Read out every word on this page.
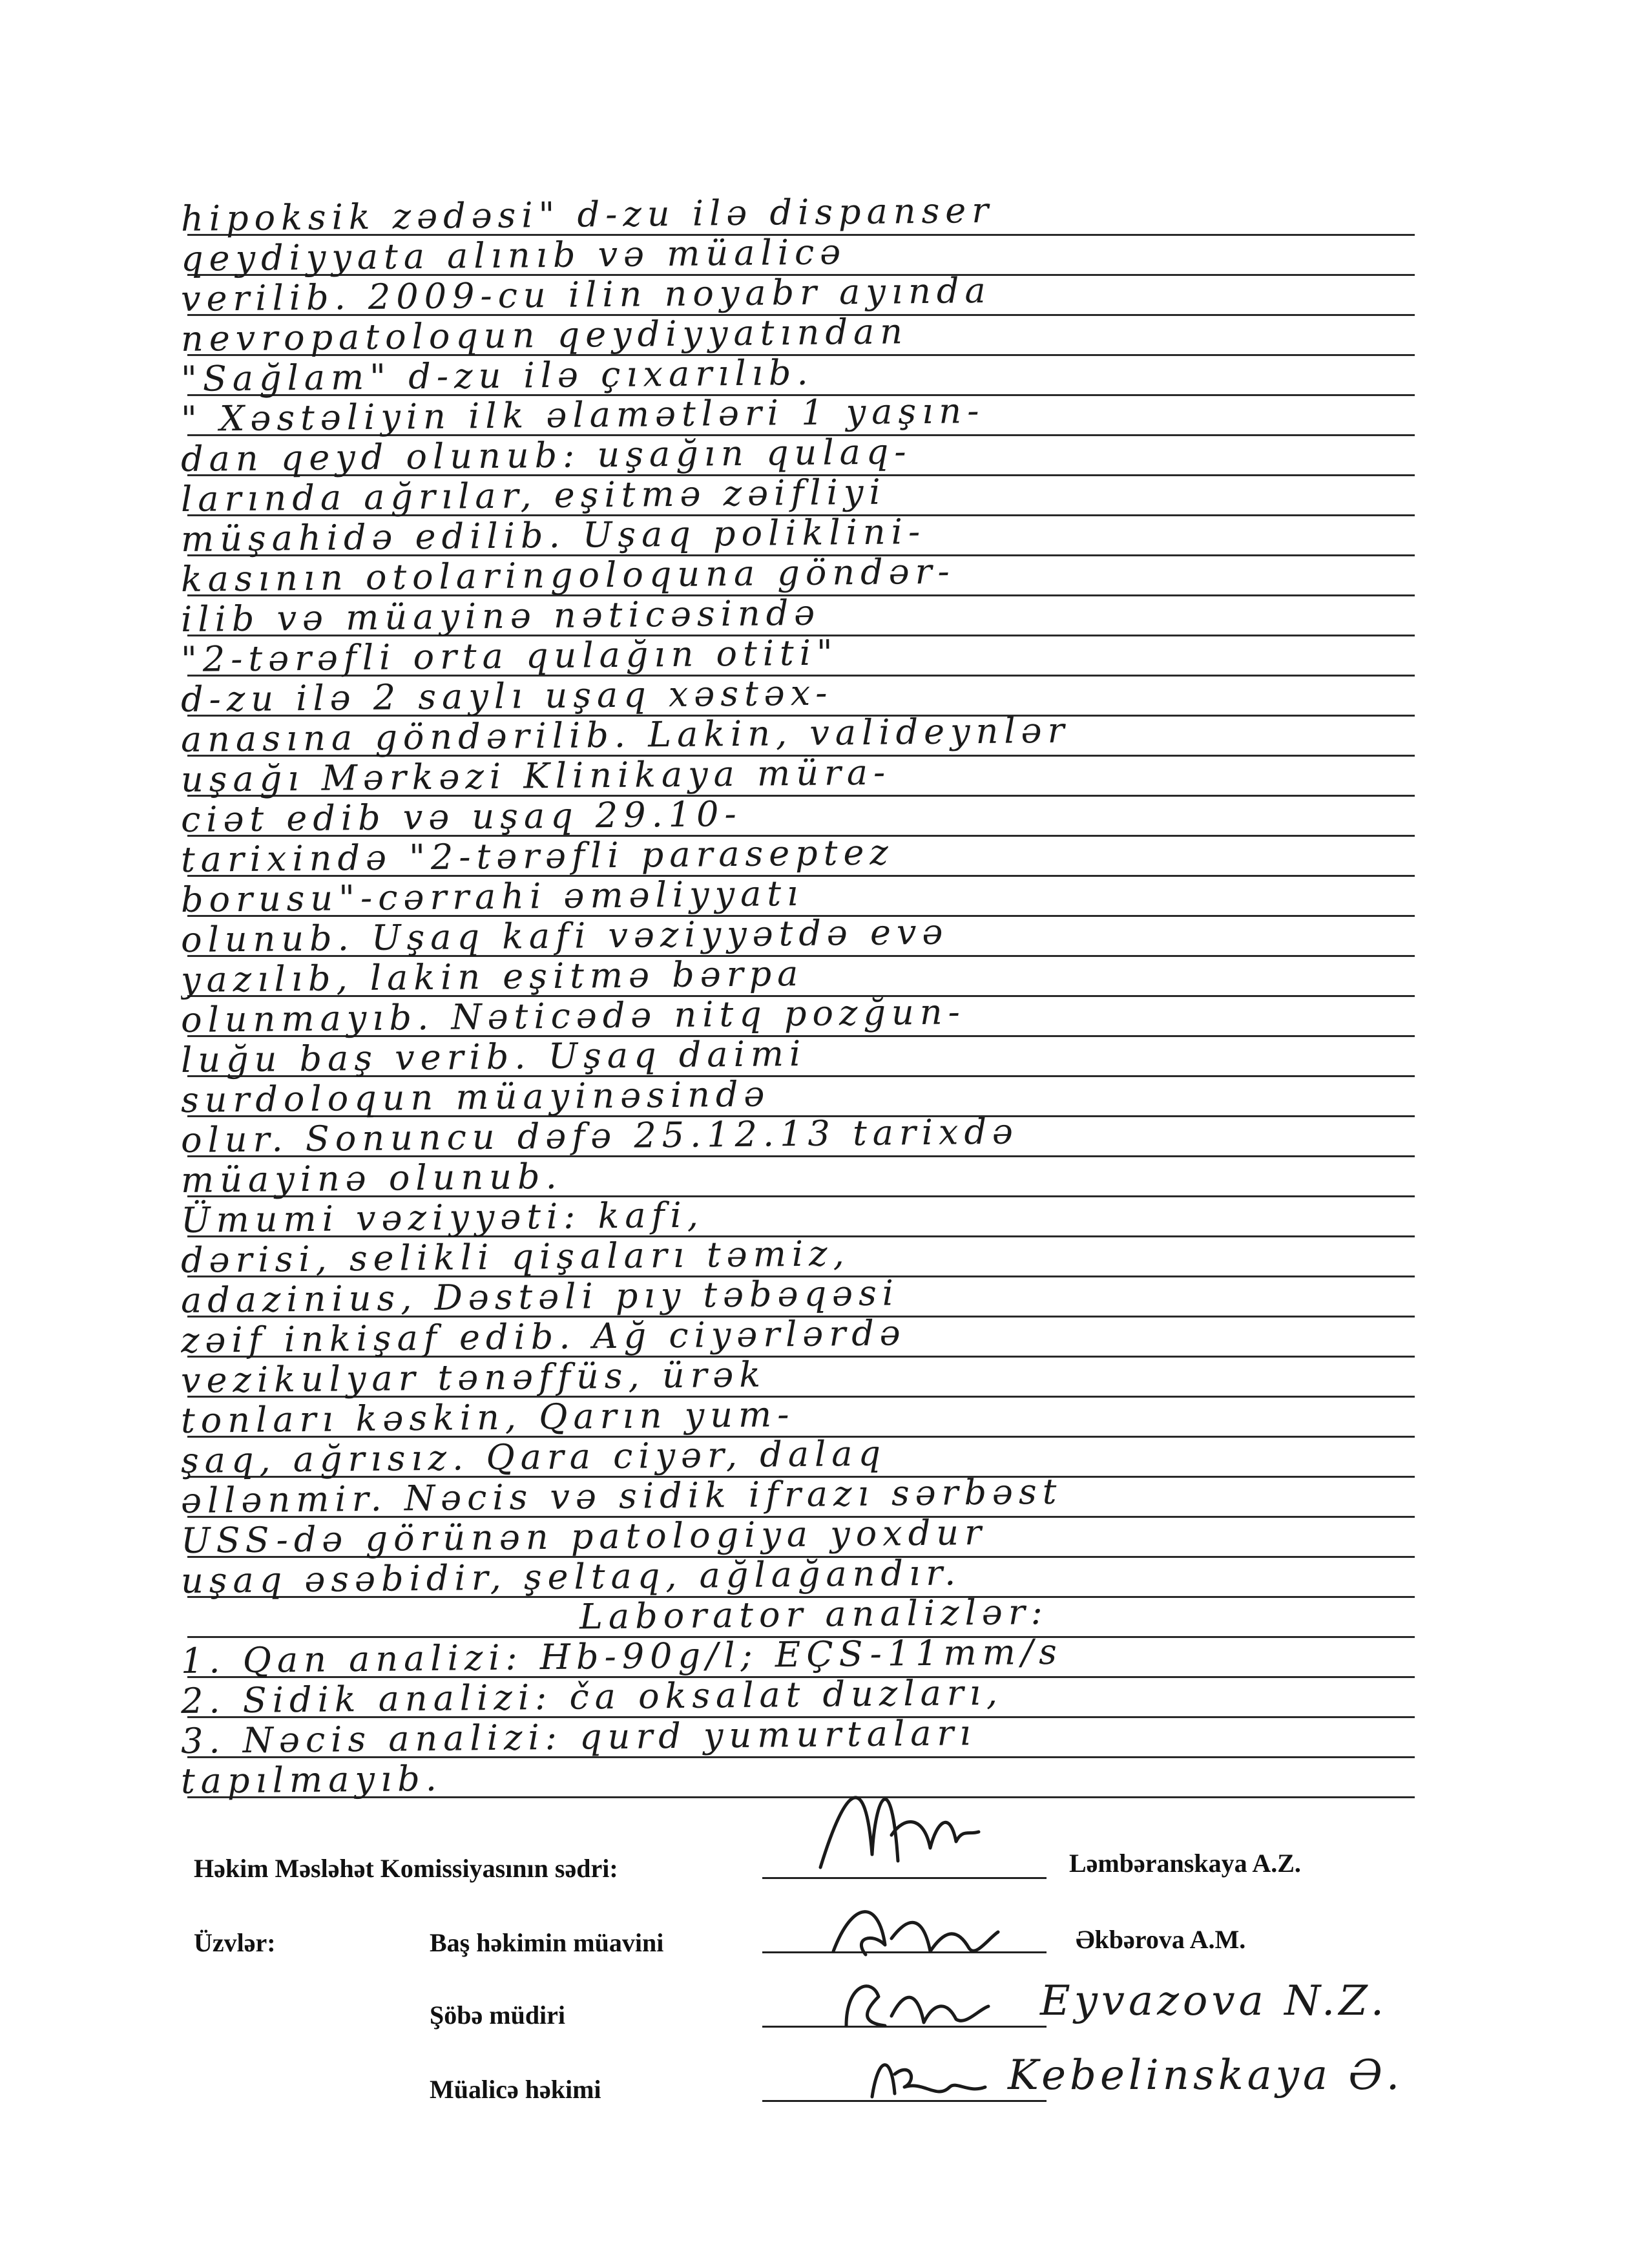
hipoksik zədəsi" d-zu ilə dispanser
qeydiyyata alınıb və müalicə
verilib. 2009-cu ilin noyabr ayında
nevropatoloqun qeydiyyatından
"Sağlam" d-zu ilə çıxarılıb.
" Xəstəliyin ilk əlamətləri 1 yaşın-
dan qeyd olunub: uşağın qulaq-
larında ağrılar, eşitmə zəifliyi
müşahidə edilib. Uşaq poliklini-
kasının otolaringoloquna göndər-
ilib və müayinə nəticəsində
"2-tərəfli orta qulağın otiti"
d-zu ilə 2 saylı uşaq xəstəx-
anasına göndərilib. Lakin, valideynlər
uşağı Mərkəzi Klinikaya müra-
ciət edib və uşaq 29.10-
tarixində "2-tərəfli paraseptez
borusu"-cərrahi əməliyyatı
olunub. Uşaq kafi vəziyyətdə evə
yazılıb, lakin eşitmə bərpa
olunmayıb. Nəticədə nitq pozğun-
luğu baş verib. Uşaq daimi
surdoloqun müayinəsində
olur. Sonuncu dəfə 25.12.13 tarixdə
müayinə olunub.
Ümumi vəziyyəti: kafi,
dərisi, selikli qişaları təmiz,
adazinius, Dəstəli pıy təbəqəsi
zəif inkişaf edib. Ağ ciyərlərdə
vezikulyar tənəffüs, ürək
tonları kəskin, Qarın yum-
şaq, ağrısız. Qara ciyər, dalaq
əllənmir. Nəcis və sidik ifrazı sərbəst
USS-də görünən patologiya yoxdur
uşaq əsəbidir, şeltaq, ağlağandır.
Laborator analizlər:
1. Qan analizi: Hb-90g/l; EÇS-11mm/s
2. Sidik analizi: ča oksalat duzları,
3. Nəcis analizi: qurd yumurtaları
tapılmayıb.
Həkim Məsləhət Komissiyasının sədri:	Ləmbəranskaya A.Z.
Üzvlər:	Baş həkimin müavini	Əkbərova A.M.
Şöbə müdiri	Eyvazova N.Z.
Müalicə həkimi	Kebelinskaya Ə.
